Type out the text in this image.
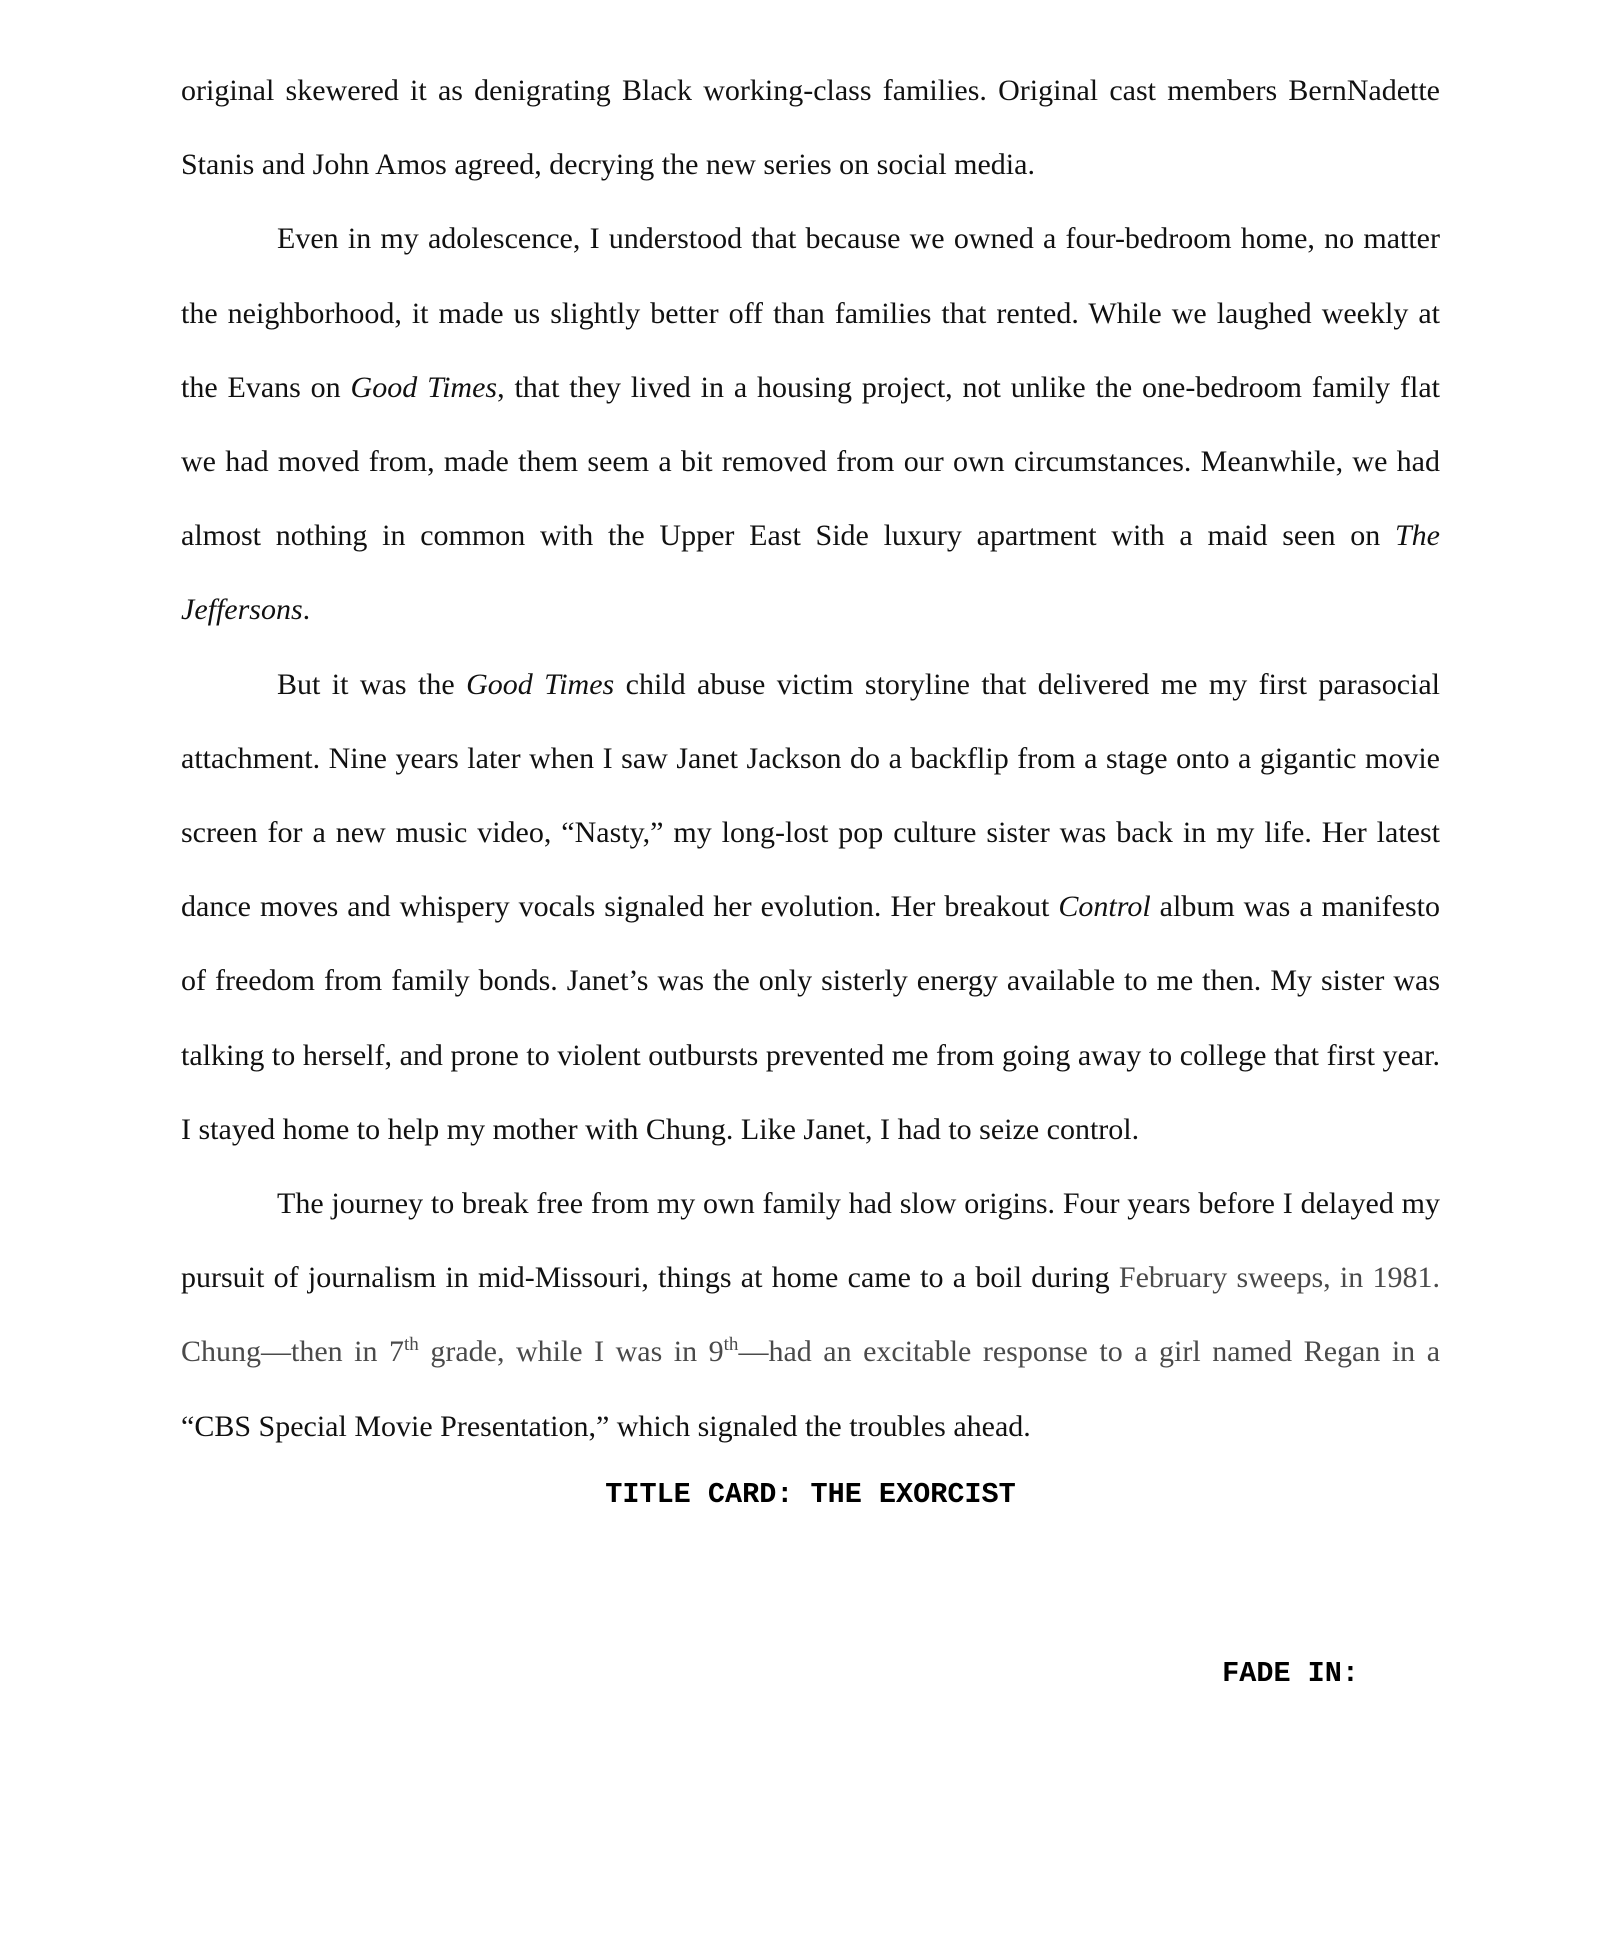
original skewered it as denigrating Black working-class families. Original cast members BernNadette Stanis and John Amos agreed, decrying the new series on social media.

Even in my adolescence, I understood that because we owned a four-bedroom home, no matter the neighborhood, it made us slightly better off than families that rented. While we laughed weekly at the Evans on Good Times, that they lived in a housing project, not unlike the one-bedroom family flat we had moved from, made them seem a bit removed from our own circumstances. Meanwhile, we had almost nothing in common with the Upper East Side luxury apartment with a maid seen on The Jeffersons.

But it was the Good Times child abuse victim storyline that delivered me my first parasocial attachment. Nine years later when I saw Janet Jackson do a backflip from a stage onto a gigantic movie screen for a new music video, “Nasty,” my long-lost pop culture sister was back in my life. Her latest dance moves and whispery vocals signaled her evolution. Her breakout Control album was a manifesto of freedom from family bonds. Janet’s was the only sisterly energy available to me then. My sister was talking to herself, and prone to violent outbursts prevented me from going away to college that first year. I stayed home to help my mother with Chung. Like Janet, I had to seize control.

The journey to break free from my own family had slow origins. Four years before I delayed my pursuit of journalism in mid-Missouri, things at home came to a boil during February sweeps, in 1981. Chung—then in 7th grade, while I was in 9th—had an excitable response to a girl named Regan in a “CBS Special Movie Presentation,” which signaled the troubles ahead.

TITLE CARD: THE EXORCIST

FADE IN:
